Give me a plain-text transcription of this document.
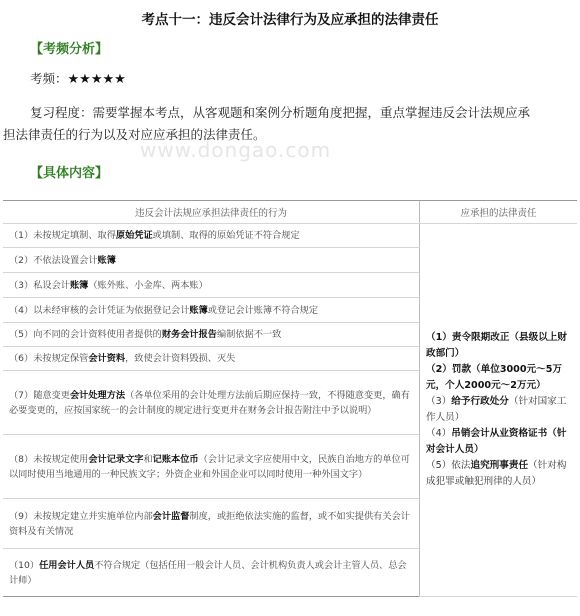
考点十一：违反会计法律行为及应承担的法律责任
【考频分析】
考频：★★★★★
www.dongao.com
复习程度：需要掌握本考点，从客观题和案例分析题角度把握，重点掌握违反会计法规应承
担法律责任的行为以及对应应承担的法律责任。
【具体内容】
违反会计法规应承担法律责任的行为	应承担的法律责任
（1）未按规定填制、取得原始凭证或填制、取得的原始凭证不符合规定	（1）责令限期改正（县级以上财政部门）

（2）罚款（单位3000元～5万元，个人2000元～2万元）

（3）给予行政处分（针对国家工作人员）

（4）吊销会计从业资格证书（针对会计人员）

（5）依法追究刑事责任（针对构成犯罪或触犯刑律的人员）

（2）不依法设置会计账簿	
（3）私设会计账簿（账外账、小金库、两本账）	
（4）以未经审核的会计凭证为依据登记会计账簿或登记会计账簿不符合规定	
（5）向不同的会计资料使用者提供的财务会计报告编制依据不一致	
（6）未按规定保管会计资料，致使会计资料毁损、灭失	
（7）随意变更会计处理方法（各单位采用的会计处理方法前后期应保持一致，不得随意变更，确有必要变更的，应按国家统一的会计制度的规定进行变更并在财务会计报告附注中予以说明）	
（8）未按规定使用会计记录文字和记账本位币（会计记录文字应使用中文，民族自治地方的单位可以同时使用当地通用的一种民族文字；外资企业和外国企业可以同时使用一种外国文字）	
（9）未按规定建立并实施单位内部会计监督制度，或拒绝依法实施的监督，或不如实提供有关会计资料及有关情况	
（10）任用会计人员不符合规定（包括任用一般会计人员、会计机构负责人或会计主管人员、总会计师）	
